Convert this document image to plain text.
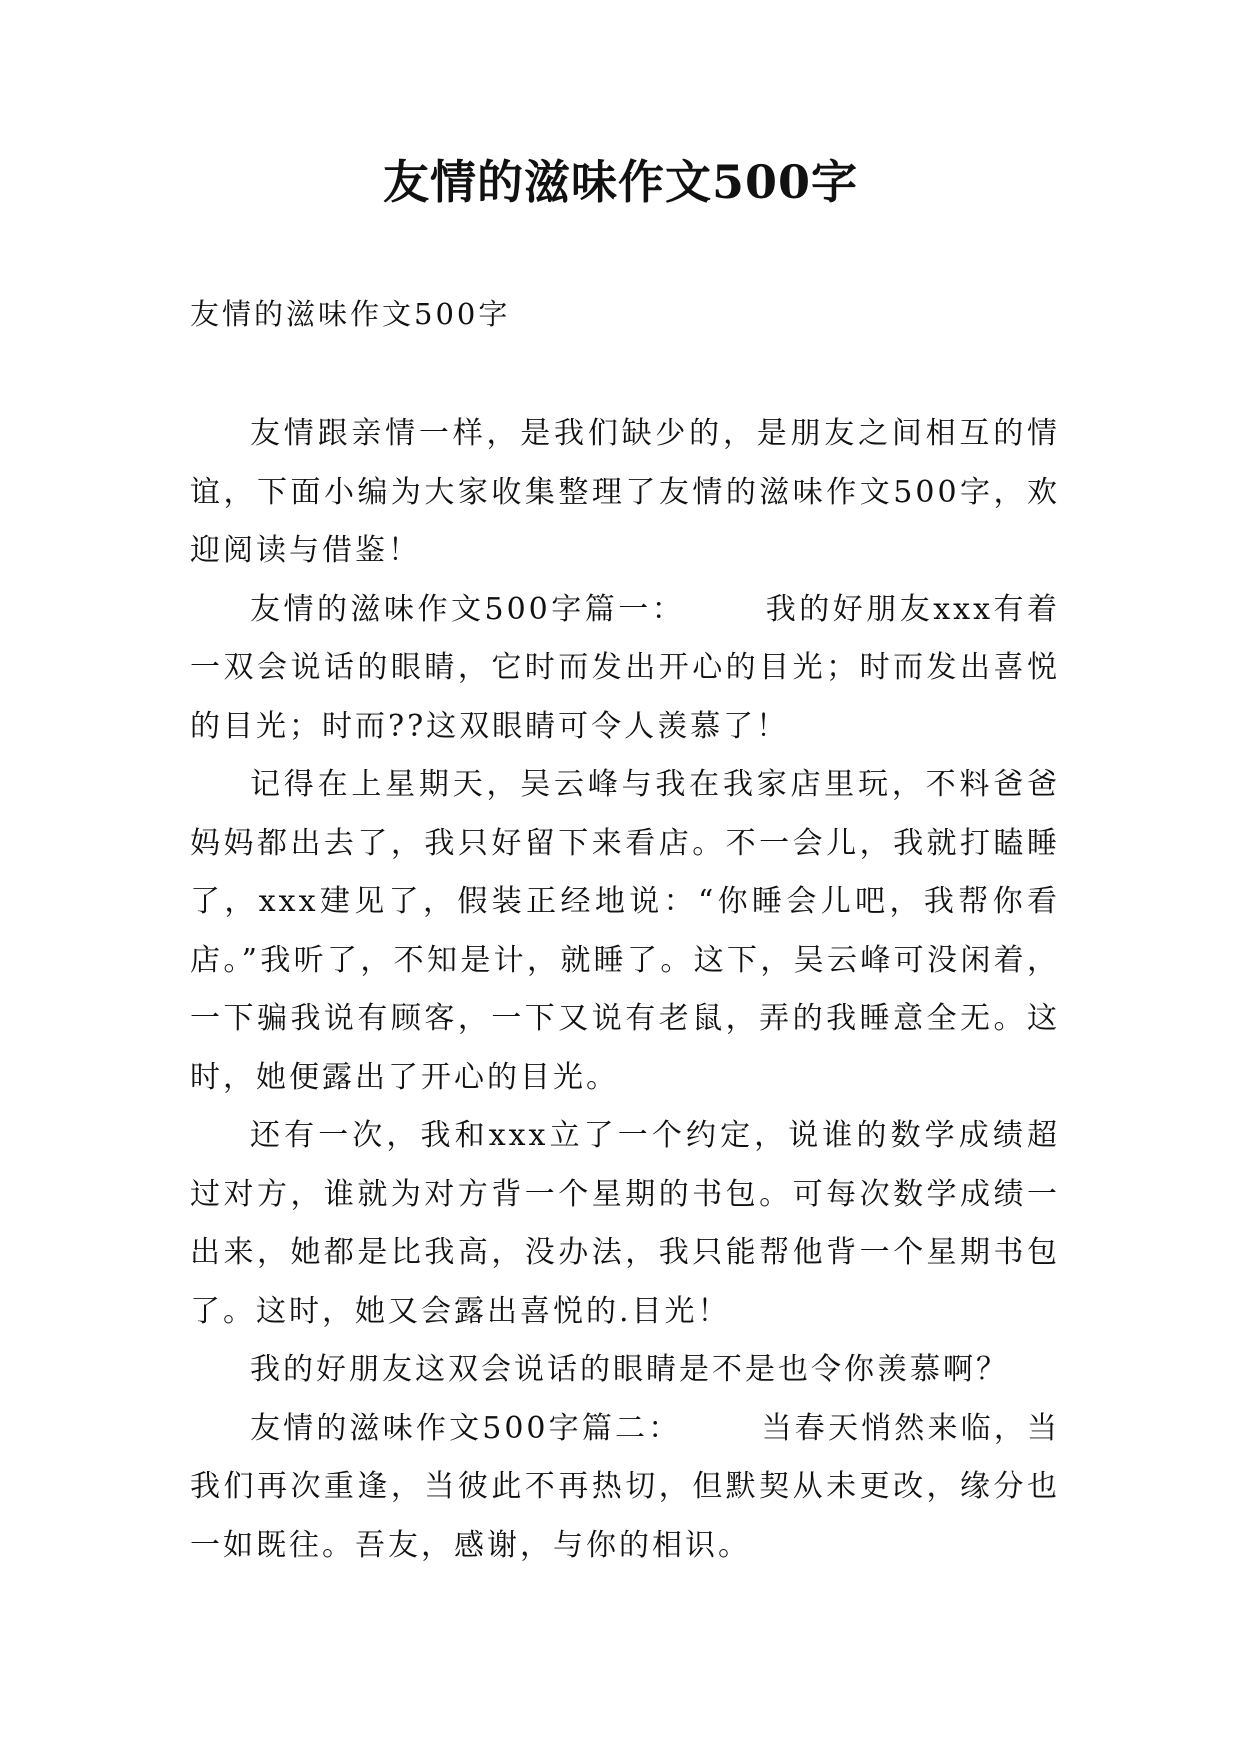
友情的滋味作文500字
友情的滋味作文500字

友情跟亲情一样，是我们缺少的，是朋友之间相互的情谊，下面小编为大家收集整理了友情的滋味作文500字，欢迎阅读与借鉴！

友情的滋味作文500字篇一：	我的好朋友xxx有着一双会说话的眼睛，它时而发出开心的目光；时而发出喜悦的目光；时而??这双眼睛可令人羡慕了！

记得在上星期天，吴云峰与我在我家店里玩，不料爸爸妈妈都出去了，我只好留下来看店。不一会儿，我就打瞌睡了，xxx建见了，假装正经地说：“你睡会儿吧，我帮你看店。”我听了，不知是计，就睡了。这下，吴云峰可没闲着，一下骗我说有顾客，一下又说有老鼠，弄的我睡意全无。这时，她便露出了开心的目光。

还有一次，我和xxx立了一个约定，说谁的数学成绩超过对方，谁就为对方背一个星期的书包。可每次数学成绩一出来，她都是比我高，没办法，我只能帮他背一个星期书包了。这时，她又会露出喜悦的.目光！

我的好朋友这双会说话的眼睛是不是也令你羡慕啊？

友情的滋味作文500字篇二：	当春天悄然来临，当我们再次重逢，当彼此不再热切，但默契从未更改，缘分也一如既往。吾友，感谢，与你的相识。
